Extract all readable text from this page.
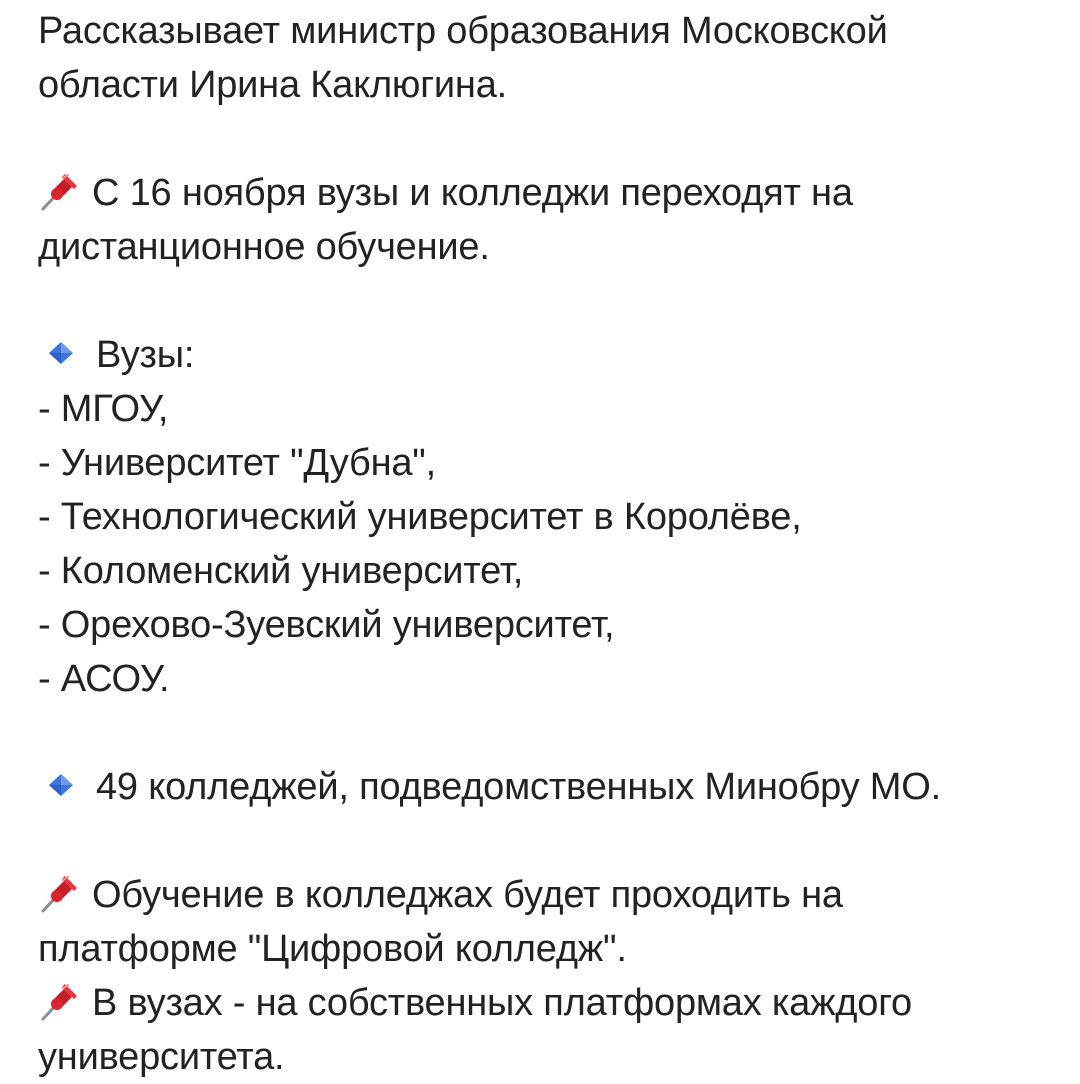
Рассказывает министр образования Московской
области Ирина Каклюгина.
С 16 ноября вузы и колледжи переходят на
дистанционное обучение.
Вузы:
- МГОУ,
- Университет "Дубна",
- Технологический университет в Королёве,
- Коломенский университет,
- Орехово-Зуевский университет,
- АСОУ.
49 колледжей, подведомственных Минобру МО.
Обучение в колледжах будет проходить на
платформе "Цифровой колледж".
В вузах - на собственных платформах каждого
университета.
